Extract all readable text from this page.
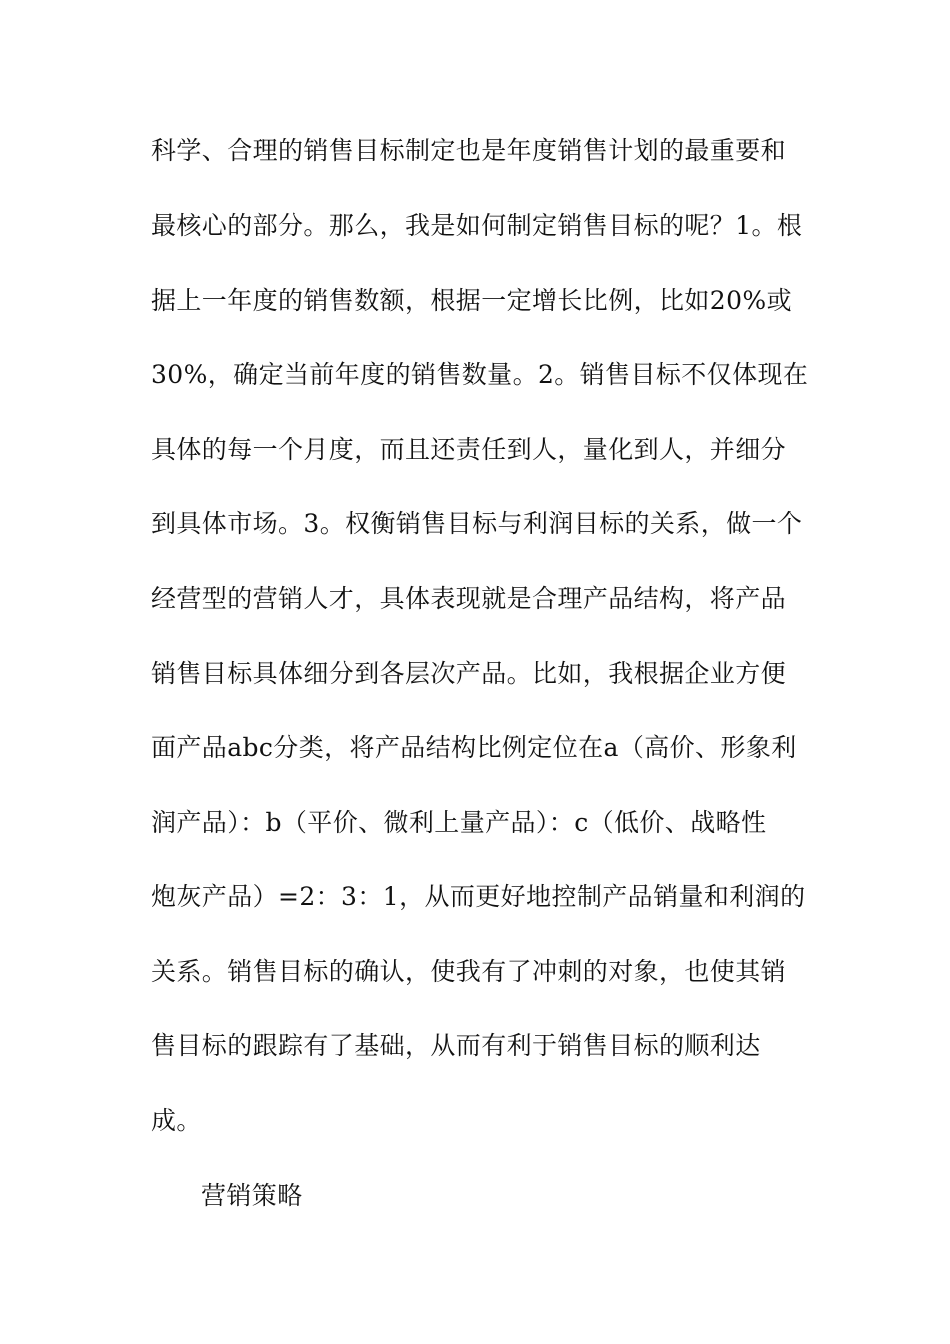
科学、合理的销售目标制定也是年度销售计划的最重要和
最核心的部分。那么，我是如何制定销售目标的呢？1。根
据上一年度的销售数额，根据一定增长比例，比如20%或
30%，确定当前年度的销售数量。2。销售目标不仅体现在
具体的每一个月度，而且还责任到人，量化到人，并细分
到具体市场。3。权衡销售目标与利润目标的关系，做一个
经营型的营销人才，具体表现就是合理产品结构，将产品
销售目标具体细分到各层次产品。比如，我根据企业方便
面产品abc分类，将产品结构比例定位在a（高价、形象利
润产品）：b（平价、微利上量产品）：c（低价、战略性
炮灰产品）=2：3：1，从而更好地控制产品销量和利润的
关系。销售目标的确认，使我有了冲刺的对象，也使其销
售目标的跟踪有了基础，从而有利于销售目标的顺利达
成。
营销策略
